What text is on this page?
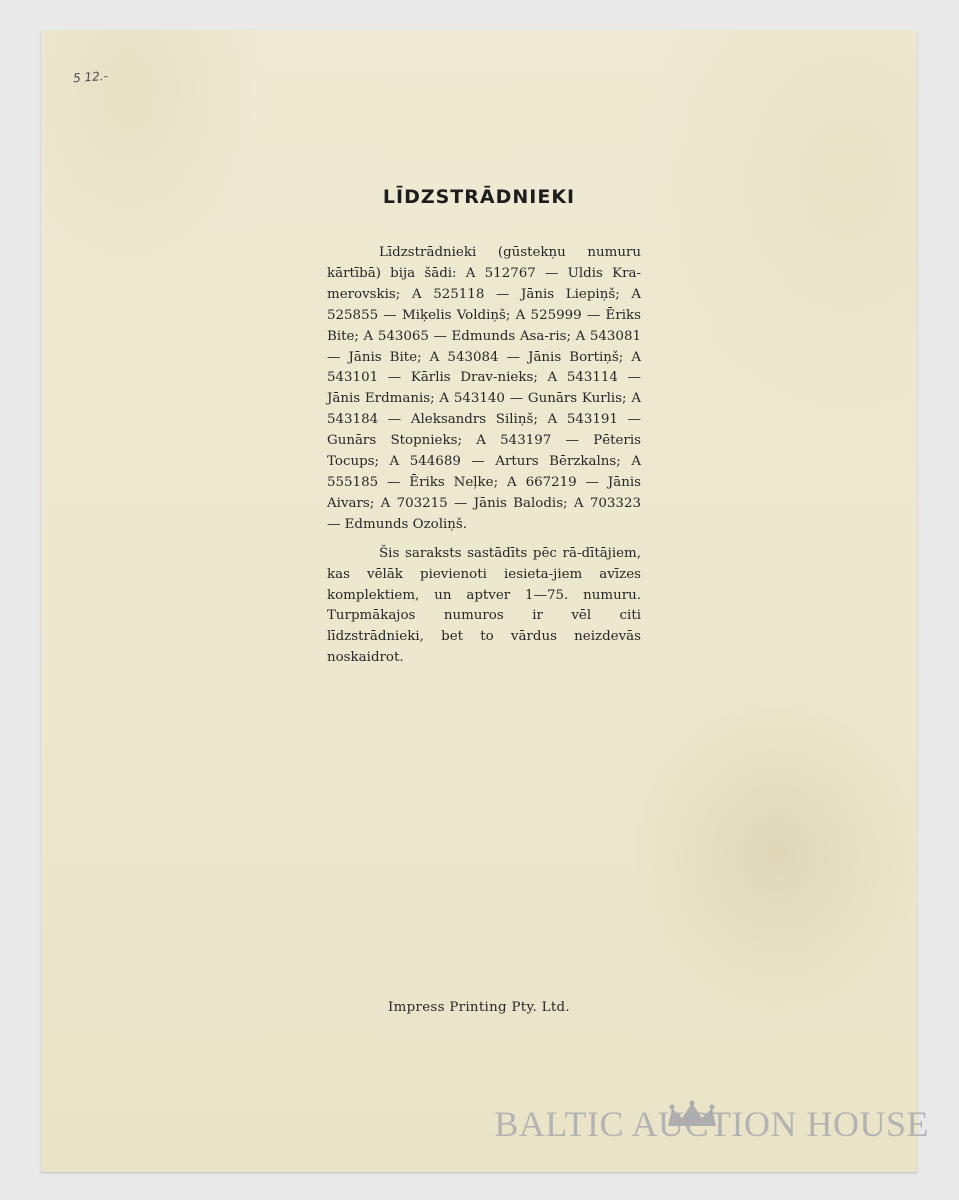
5 12.-
LĪDZSTRĀDNIEKI

Līdzstrādnieki (gūstekņu numuru kārtībā) bija šādi: A 512767 — Uldis Kra-merovskis; A 525118 — Jānis Liepiņš; A 525855 — Miķelis Voldiņš; A 525999 — Ēriks Bite; A 543065 — Edmunds Asa-ris; A 543081 — Jānis Bite; A 543084 — Jānis Bortiņš; A 543101 — Kārlis Drav-nieks; A 543114 — Jānis Erdmanis; A 543140 — Gunārs Kurlis; A 543184 — Aleksandrs Siliņš; A 543191 — Gunārs Stopnieks; A 543197 — Pēteris Tocups; A 544689 — Arturs Bērzkalns; A 555185 — Ēriks Neļke; A 667219 — Jānis Aivars; A 703215 — Jānis Balodis; A 703323 — Edmunds Ozoliņš.

Šis saraksts sastādīts pēc rā-dītājiem, kas vēlāk pievienoti iesieta-jiem avīzes komplektiem, un aptver 1—75. numuru. Turpmākajos numuros ir vēl citi līdzstrādnieki, bet to vārdus neizdevās noskaidrot.

Impress Printing Pty. Ltd.
BALTIC AUCTION HOUSE
